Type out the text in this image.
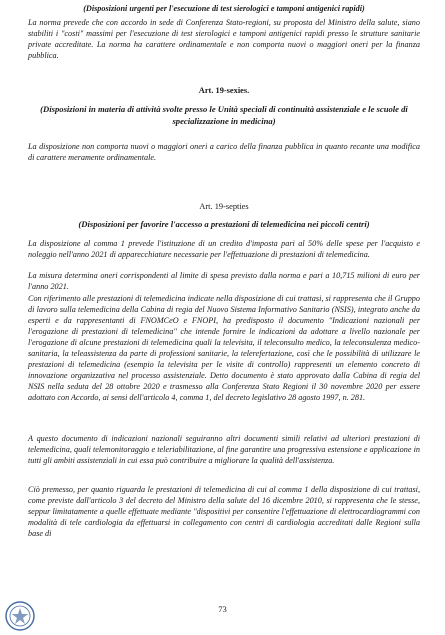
(Disposizioni urgenti per l'esecuzione di test sierologici e tamponi antigenici rapidi)

La norma prevede che con accordo in sede di Conferenza Stato-regioni, su proposta del Ministro della salute, siano stabiliti i "costi" massimi per l'esecuzione di test sierologici e tamponi antigenici rapidi presso le strutture sanitarie private accreditate. La norma ha carattere ordinamentale e non comporta nuovi o maggiori oneri per la finanza pubblica.

Art. 19-sexies.
(Disposizioni in materia di attività svolte presso le Unità speciali di continuità assistenziale e le scuole di specializzazione in medicina)

La disposizione non comporta nuovi o maggiori oneri a carico della finanza pubblica in quanto recante una modifica di carattere meramente ordinamentale.

Art. 19-septies
(Disposizioni per favorire l'accesso a prestazioni di telemedicina nei piccoli centri)

La disposizione al comma 1 prevede l'istituzione di un credito d'imposta pari al 50% delle spese per l'acquisto e noleggio nell'anno 2021 di apparecchiature necessarie per l'effettuazione di prestazioni di telemedicina.

La misura determina oneri corrispondenti al limite di spesa previsto dalla norma e pari a 10,715 milioni di euro per l'anno 2021.

Con riferimento alle prestazioni di telemedicina indicate nella disposizione di cui trattasi, si rappresenta che il Gruppo di lavoro sulla telemedicina della Cabina di regia del Nuovo Sistema Informativo Sanitario (NSIS), integrato anche da esperti e da rappresentanti di FNOMCeO e FNOPI, ha predisposto il documento "Indicazioni nazionali per l'erogazione di prestazioni di telemedicina" che intende fornire le indicazioni da adottare a livello nazionale per l'erogazione di alcune prestazioni di telemedicina quali la televisita, il teleconsulto medico, la teleconsulenza medico-sanitaria, la teleassistenza da parte di professioni sanitarie, la telerefertazione, così che le possibilità di utilizzare le prestazioni di telemedicina (esempio la televisita per le visite di controllo) rappresenti un elemento concreto di innovazione organizzativa nel processo assistenziale. Detto documento è stato approvato dalla Cabina di regia del NSIS nella seduta del 28 ottobre 2020 e trasmesso alla Conferenza Stato Regioni il 30 novembre 2020 per essere adottato con Accordo, ai sensi dell'articolo 4, comma 1, del decreto legislativo 28 agosto 1997, n. 281.

A questo documento di indicazioni nazionali seguiranno altri documenti simili relativi ad ulteriori prestazioni di telemedicina, quali telemonitoraggio e teleriabilitazione, al fine garantire una progressiva estensione e applicazione in tutti gli ambiti assistenziali in cui essa può contribuire a migliorare la qualità dell'assistenza.

Ciò premesso, per quanto riguarda le prestazioni di telemedicina di cui al comma 1 della disposizione di cui trattasi, come previste dall'articolo 3 del decreto del Ministro della salute del 16 dicembre 2010, si rappresenta che le stesse, seppur limitatamente a quelle effettuate mediante "dispositivi per consentire l'effettuazione di elettrocardiogrammi con modalità di tele cardiologia da effettuarsi in collegamento con centri di cardiologia accreditati dalle Regioni sulla base di

73
